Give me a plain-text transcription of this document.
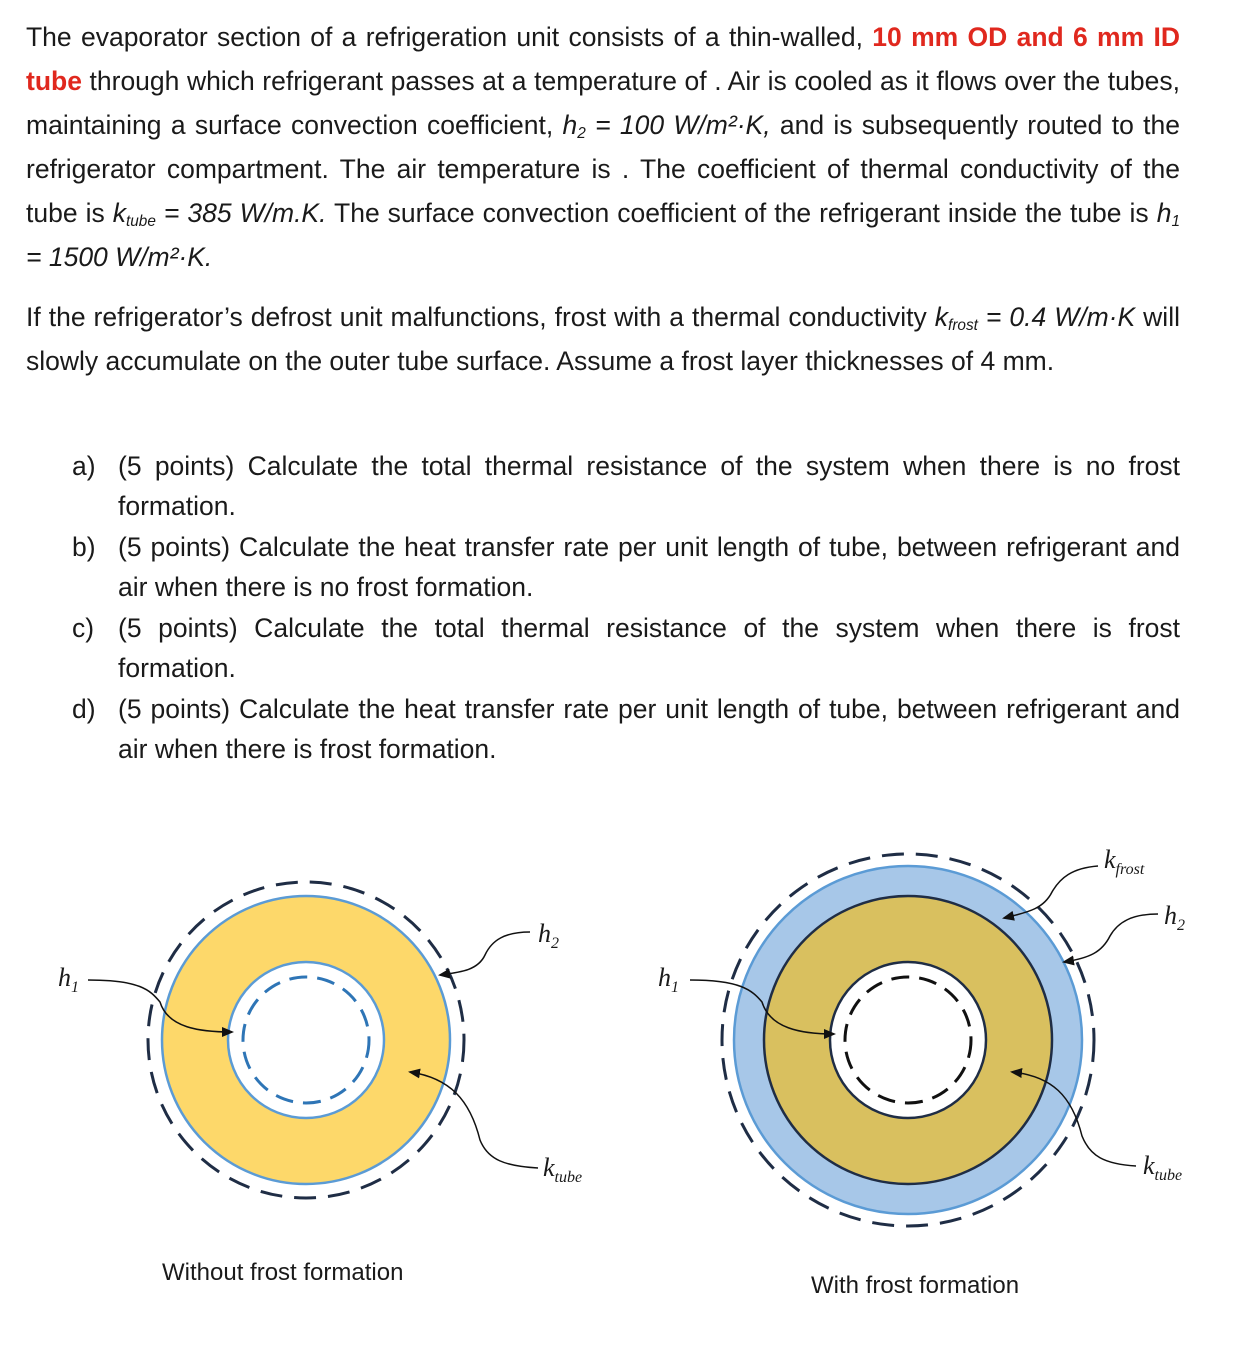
The evaporator section of a refrigeration unit consists of a thin-walled, 10 mm OD and 6 mm ID tube through which refrigerant passes at a temperature of . Air is cooled as it flows over the tubes, maintaining a surface convection coefficient, $h_2 = 100$ W/m²·K, and is subsequently routed to the refrigerator compartment. The air temperature is . The coefficient of thermal conductivity of the tube is $k_{tube} = 385$ W/m.K. The surface convection coefficient of the refrigerant inside the tube is $h_1 = 1500$ W/m²·K.

If the refrigerator’s defrost unit malfunctions, frost with a thermal conductivity $k_{frost} = 0.4$ W/m·K will slowly accumulate on the outer tube surface. Assume a frost layer thicknesses of 4 mm.

a) (5 points) Calculate the total thermal resistance of the system when there is no frost formation.
b) (5 points) Calculate the heat transfer rate per unit length of tube, between refrigerant and air when there is no frost formation.
c) (5 points) Calculate the total thermal resistance of the system when there is frost formation.
d) (5 points) Calculate the heat transfer rate per unit length of tube, between refrigerant and air when there is frost formation.
$h_1$
$h_2$
$k_{tube}$
$h_1$
$k_{frost}$
$h_2$
$k_{tube}$
Without frost formation	With frost formation
